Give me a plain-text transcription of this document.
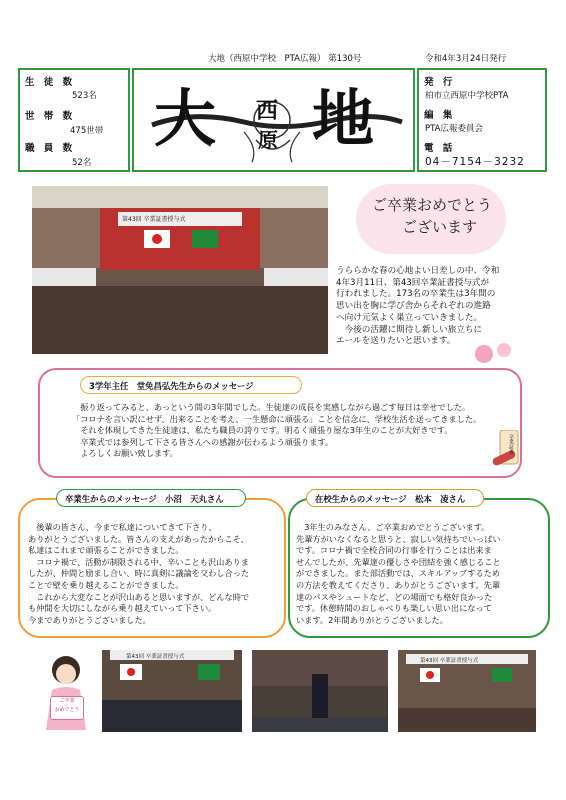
大地（西原中学校　PTA広報） 第130号	令和4年3月24日発行
生 徒 数
523名
世 帯 数
475世帯
職 員 数
52名
大 西
原 地	発 行
柏市立西原中学校PTA
編 集
PTA広報委員会
電 話
04－7154－3232
第43回 卒業証書授与式
ご卒業おめでとう
ございます
うららかな春の心地よい日差しの中、令和
4年3月11日、第43回卒業証書授与式が
行われました。173名の卒業生は3年間の
思い出を胸に学び舎からそれぞれの進路
へ向け元気よく巣立っていきました。
　今後の活躍に期待し新しい旅立ちに
エールを送りたいと思います。
3学年主任　堂免昌弘先生からのメッセージ
　振り返ってみると、あっという間の3年間でした。生徒達の成長を実感しながら過ごす毎日は幸せでした。
「コロナを言い訳にせず、出来ることを考え、一生懸命に頑張る」ことを信念に、学校生活を送ってきました。
　それを体現してきた生徒達は、私たち職員の誇りです。明るく頑張り屋な3年生のことが大好きです。
　卒業式では参列して下さる皆さんへの感謝が伝わるよう頑張ります。
　よろしくお願い致します。	卒業証書
卒業生からのメッセージ　小沼　天丸さん
　後輩の皆さん、今まで私達についてきて下さり、
ありがとうございました。皆さんの支えがあったからこそ、
私達はこれまで頑張ることができました。
　コロナ禍で、活動が制限される中、辛いことも沢山ありま
したが、仲間と励まし合い、時に真剣に議論を交わし合った
ことで壁を乗り越えることができました。
　これから大変なことが沢山あると思いますが、どんな時で
も仲間を大切にしながら乗り越えていって下さい。
今までありがとうございました。
在校生からのメッセージ　松本　凌さん
　3年生のみなさん、ご卒業おめでとうございます。
先輩方がいなくなると思うと、寂しい気持ちでいっぱい
です。コロナ禍で全校合同の行事を行うことは出来ま
せんでしたが、先輩達の優しさや団結を強く感じること
ができました。また部活動では、スキルアップするため
の方法を教えてくださり、ありがとうございます。先輩
達のパスやシュートなど、どの場面でも格好良かった
です。休憩時間のおしゃべりも楽しい思い出になって
います。2年間ありがとうございました。
ご卒業
おめでとう
第43回 卒業証書授与式
第43回 卒業証書授与式
